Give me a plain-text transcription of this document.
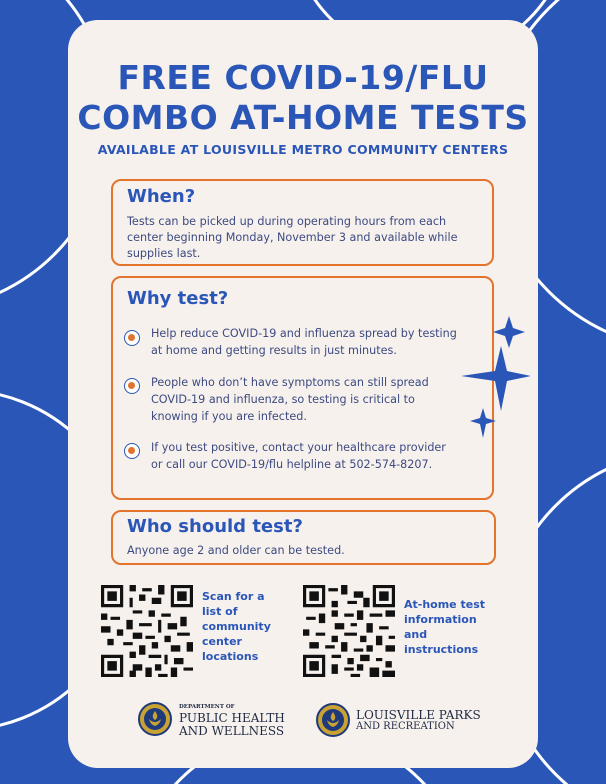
FREE COVID-19/FLU
COMBO AT-HOME TESTS
AVAILABLE AT LOUISVILLE METRO COMMUNITY CENTERS
When?

Tests can be picked up during operating hours from each

center beginning Monday, November 3 and available while

supplies last.

Why test?

Help reduce COVID-19 and influenza spread by testing

at home and getting results in just minutes.

People who don’t have symptoms can still spread

COVID-19 and influenza, so testing is critical to

knowing if you are infected.

If you test positive, contact your healthcare provider

or call our COVID-19/flu helpline at 502-574-8207.

Who should test?

Anyone age 2 and older can be tested.

Scan for a
list of
community
center
locations
At-home test
information
and
instructions
DEPARTMENT OF
PUBLIC HEALTH
AND WELLNESS
LOUISVILLE PARKS
AND RECREATION
